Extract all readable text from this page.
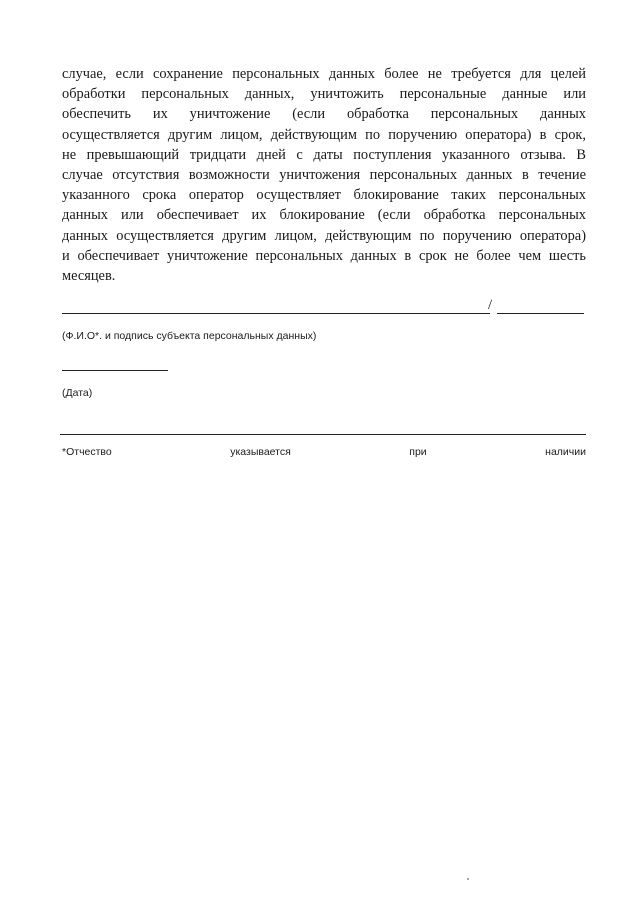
случае, если сохранение персональных данных более не требуется для целей
обработки персональных данных, уничтожить персональные данные или
обеспечить их уничтожение (если обработка персональных данных
осуществляется другим лицом, действующим по поручению оператора) в срок,
не превышающий тридцати дней с даты поступления указанного отзыва. В
случае отсутствия возможности уничтожения персональных данных в течение
указанного срока оператор осуществляет блокирование таких персональных
данных или обеспечивает их блокирование (если обработка персональных
данных осуществляется другим лицом, действующим по поручению оператора)
и обеспечивает уничтожение персональных данных в срок не более чем шесть
месяцев.
/
(Ф.И.О*. и подпись субъекта персональных данных)
(Дата)
*Отчество указывается при наличии
